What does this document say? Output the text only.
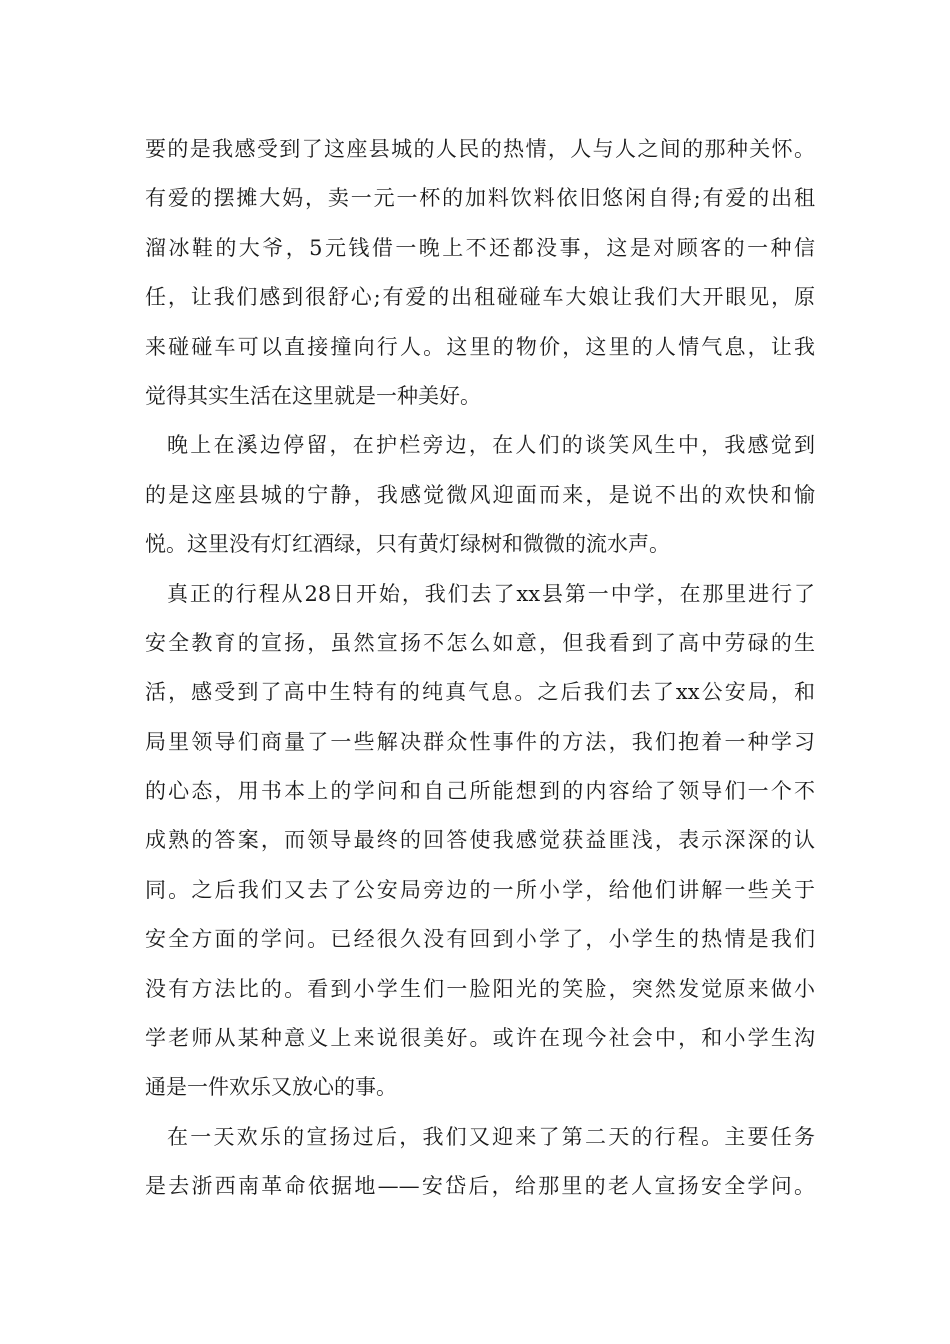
要的是我感受到了这座县城的人民的热情，人与人之间的那种关怀。
有爱的摆摊大妈，卖一元一杯的加料饮料依旧悠闲自得;有爱的出租
溜冰鞋的大爷，5元钱借一晚上不还都没事，这是对顾客的一种信
任，让我们感到很舒心;有爱的出租碰碰车大娘让我们大开眼见，原
来碰碰车可以直接撞向行人。这里的物价，这里的人情气息，让我
觉得其实生活在这里就是一种美好。
晚上在溪边停留，在护栏旁边，在人们的谈笑风生中，我感觉到
的是这座县城的宁静，我感觉微风迎面而来，是说不出的欢快和愉
悦。这里没有灯红酒绿，只有黄灯绿树和微微的流水声。
真正的行程从28日开始，我们去了xx县第一中学，在那里进行了
安全教育的宣扬，虽然宣扬不怎么如意，但我看到了高中劳碌的生
活，感受到了高中生特有的纯真气息。之后我们去了xx公安局，和
局里领导们商量了一些解决群众性事件的方法，我们抱着一种学习
的心态，用书本上的学问和自己所能想到的内容给了领导们一个不
成熟的答案，而领导最终的回答使我感觉获益匪浅，表示深深的认
同。之后我们又去了公安局旁边的一所小学，给他们讲解一些关于
安全方面的学问。已经很久没有回到小学了，小学生的热情是我们
没有方法比的。看到小学生们一脸阳光的笑脸，突然发觉原来做小
学老师从某种意义上来说很美好。或许在现今社会中，和小学生沟
通是一件欢乐又放心的事。
在一天欢乐的宣扬过后，我们又迎来了第二天的行程。主要任务
是去浙西南革命依据地——安岱后，给那里的老人宣扬安全学问。
